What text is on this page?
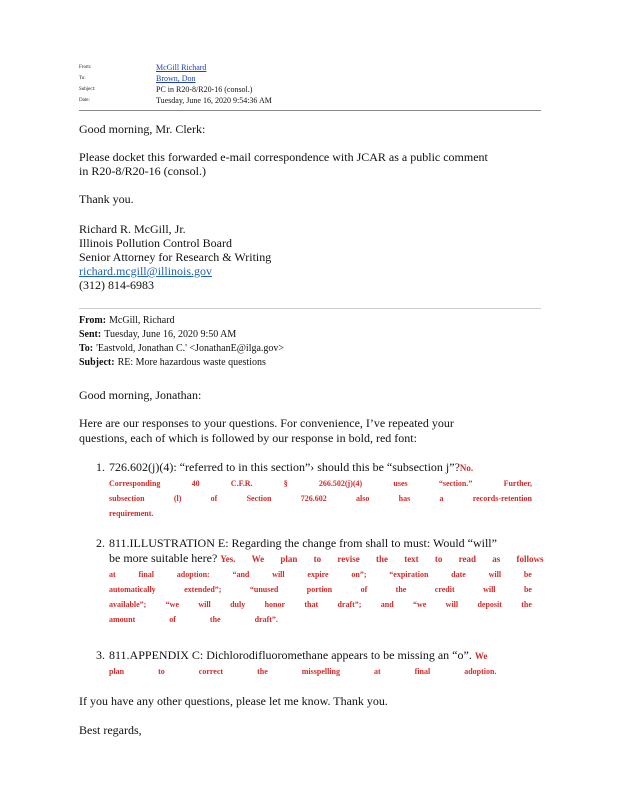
From:	McGill Richard
To:	Brown, Don
Subject:	PC in R20-8/R20-16 (consol.)
Date:	Tuesday, June 16, 2020 9:54:36 AM
Good morning, Mr. Clerk:
Please docket this forwarded e-mail correspondence with JCAR as a public comment
in R20-8/R20-16 (consol.)
Thank you.
Richard R. McGill, Jr.
Illinois Pollution Control Board
Senior Attorney for Research & Writing
richard.mcgill@illinois.gov
(312) 814-6983
From: McGill, Richard
Sent: Tuesday, June 16, 2020 9:50 AM
To: 'Eastvold, Jonathan C.' <JonathanE@ilga.gov>
Subject: RE: More hazardous waste questions
Good morning, Jonathan:
Here are our responses to your questions. For convenience, I’ve repeated your
questions, each of which is followed by our response in bold, red font:
1. 726.602(j)(4): “referred to in this section”› should this be “subsection j”?No.
Corresponding	40	C.F.R.	§	266.502(j)(4)	uses	“section.”	Further,
subsection	(l)	of	Section	726.602	also	has	a	records-retention
requirement.
2. 811.ILLUSTRATION E: Regarding the change from shall to must: Would “will”
be more suitable here? Yes. We plan to revise the text to read as follows
at	final	adoption:	“and	will	expire	on”;	“expiration	date	will	be
automatically	extended”;	“unused	portion	of	the	credit	will	be
available”; “we will duly honor that draft”; and “we will deposit the
amount	of	the	draft”.
3. 811.APPENDIX C: Dichlorodifluoromethane appears to be missing an “o”. We
plan	to	correct	the	misspelling	at	final	adoption.
If you have any other questions, please let me know. Thank you.
Best regards,
